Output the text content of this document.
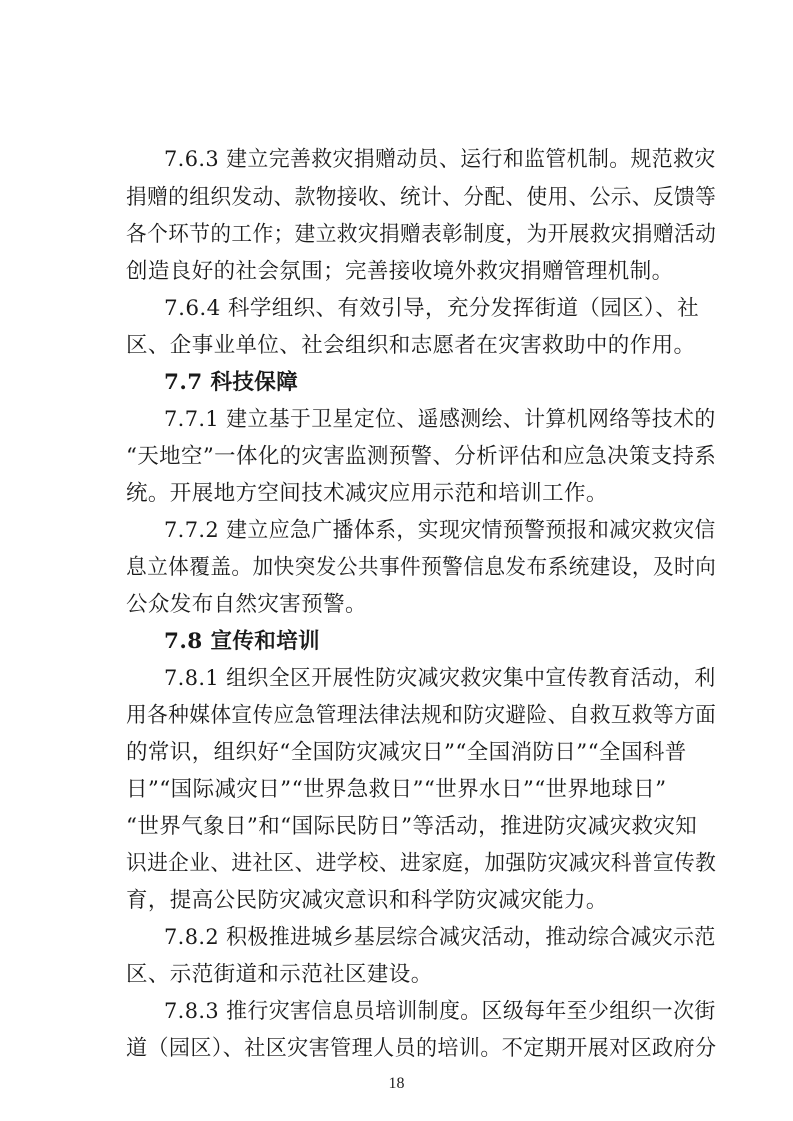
7.6.3 建立完善救灾捐赠动员、运行和监管机制。规范救灾
捐赠的组织发动、款物接收、统计、分配、使用、公示、反馈等
各个环节的工作；建立救灾捐赠表彰制度，为开展救灾捐赠活动
创造良好的社会氛围；完善接收境外救灾捐赠管理机制。
7.6.4 科学组织、有效引导，充分发挥街道（园区）、社
区、企事业单位、社会组织和志愿者在灾害救助中的作用。
7.7 科技保障
7.7.1 建立基于卫星定位、遥感测绘、计算机网络等技术的
“天地空”一体化的灾害监测预警、分析评估和应急决策支持系
统。开展地方空间技术减灾应用示范和培训工作。
7.7.2 建立应急广播体系，实现灾情预警预报和减灾救灾信
息立体覆盖。加快突发公共事件预警信息发布系统建设，及时向
公众发布自然灾害预警。
7.8 宣传和培训
7.8.1 组织全区开展性防灾减灾救灾集中宣传教育活动，利
用各种媒体宣传应急管理法律法规和防灾避险、自救互救等方面
的常识，组织好“全国防灾减灾日”“全国消防日”“全国科普
日”“国际减灾日”“世界急救日”“世界水日”“世界地球日”
“世界气象日”和“国际民防日”等活动，推进防灾减灾救灾知
识进企业、进社区、进学校、进家庭，加强防灾减灾科普宣传教
育，提高公民防灾减灾意识和科学防灾减灾能力。
7.8.2 积极推进城乡基层综合减灾活动，推动综合减灾示范
区、示范街道和示范社区建设。
7.8.3 推行灾害信息员培训制度。区级每年至少组织一次街
道（园区）、社区灾害管理人员的培训。不定期开展对区政府分
18
